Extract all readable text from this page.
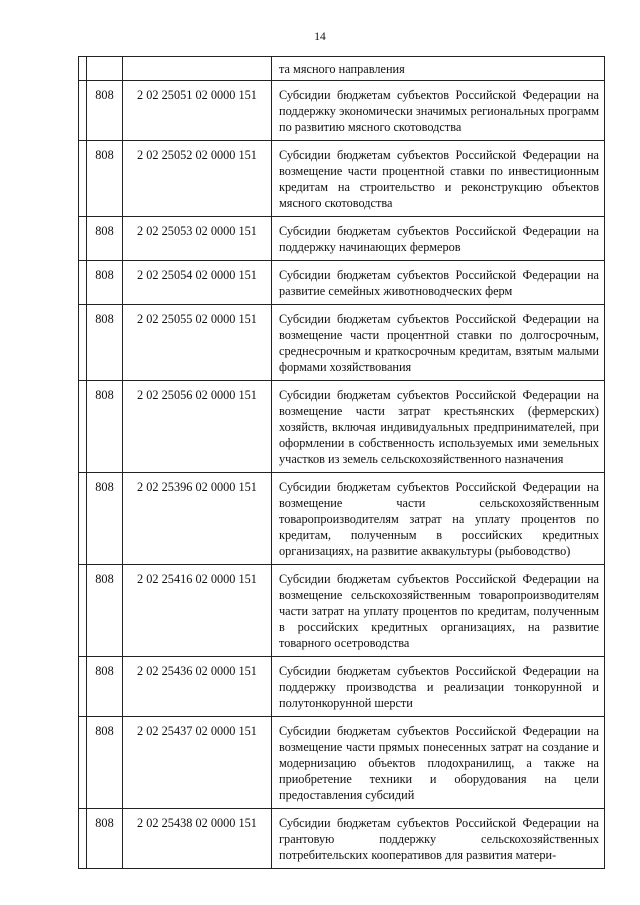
14
			та мясного направления
	808	2 02 25051 02 0000 151	Субсидии бюджетам субъектов Российской Федерации на поддержку экономически значимых региональных программ по развитию мясного скотоводства
	808	2 02 25052 02 0000 151	Субсидии бюджетам субъектов Российской Федерации на возмещение части процентной ставки по инвестиционным кредитам на строительство и реконструкцию объектов мясного скотоводства
	808	2 02 25053 02 0000 151	Субсидии бюджетам субъектов Российской Федерации на поддержку начинающих фермеров
	808	2 02 25054 02 0000 151	Субсидии бюджетам субъектов Российской Федерации на развитие семейных животноводческих ферм
	808	2 02 25055 02 0000 151	Субсидии бюджетам субъектов Российской Федерации на возмещение части процентной ставки по долгосрочным, среднесрочным и краткосрочным кредитам, взятым малыми формами хозяйствования
	808	2 02 25056 02 0000 151	Субсидии бюджетам субъектов Российской Федерации на возмещение части затрат крестьянских (фермерских) хозяйств, включая индивидуальных предпринимателей, при оформлении в собственность используемых ими земельных участков из земель сельскохозяйственного назначения
	808	2 02 25396 02 0000 151	Субсидии бюджетам субъектов Российской Федерации на возмещение части сельскохозяйственным товаропроизводителям затрат на уплату процентов по кредитам, полученным в российских кредитных организациях, на развитие аквакультуры (рыбоводство)
	808	2 02 25416 02 0000 151	Субсидии бюджетам субъектов Российской Федерации на возмещение сельскохозяйственным товаропроизводителям части затрат на уплату процентов по кредитам, полученным в российских кредитных организациях, на развитие товарного осетроводства
	808	2 02 25436 02 0000 151	Субсидии бюджетам субъектов Российской Федерации на поддержку производства и реализации тонкорунной и полутонкорунной шерсти
	808	2 02 25437 02 0000 151	Субсидии бюджетам субъектов Российской Федерации на возмещение части прямых понесенных затрат на создание и модернизацию объектов плодохранилищ, а также на приобретение техники и оборудования на цели предоставления субсидий
	808	2 02 25438 02 0000 151	Субсидии бюджетам субъектов Российской Федерации на грантовую поддержку сельскохозяйственных потребительских кооперативов для развития матери-
